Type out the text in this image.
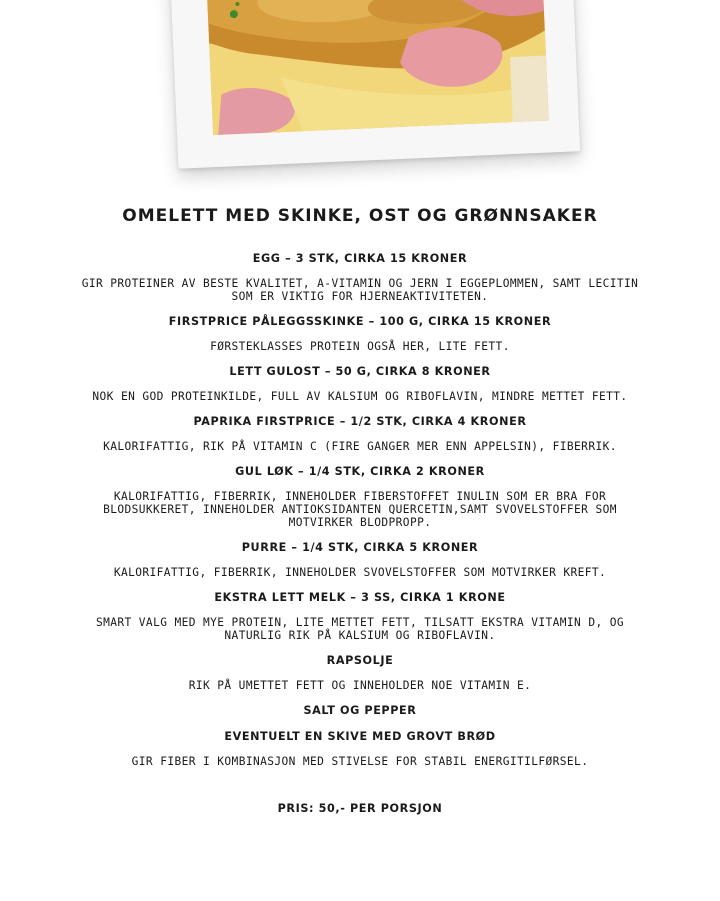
OMELETT MED SKINKE, OST OG GRØNNSAKER

EGG – 3 STK, CIRKA 15 KRONER

GIR PROTEINER AV BESTE KVALITET, A-VITAMIN OG JERN I EGGEPLOMMEN, SAMT LECITIN SOM ER VIKTIG FOR HJERNEAKTIVITETEN.

FIRSTPRICE PÅLEGGSSKINKE – 100 G, CIRKA 15 KRONER

FØRSTEKLASSES PROTEIN OGSÅ HER, LITE FETT.

LETT GULOST – 50 G, CIRKA 8 KRONER

NOK EN GOD PROTEINKILDE, FULL AV KALSIUM OG RIBOFLAVIN, MINDRE METTET FETT.

PAPRIKA FIRSTPRICE – 1/2 STK, CIRKA 4 KRONER

KALORIFATTIG, RIK PÅ VITAMIN C (FIRE GANGER MER ENN APPELSIN), FIBERRIK.

GUL LØK – 1/4 STK, CIRKA 2 KRONER

KALORIFATTIG, FIBERRIK, INNEHOLDER FIBERSTOFFET INULIN SOM ER BRA FOR BLODSUKKERET, INNEHOLDER ANTIOKSIDANTEN QUERCETIN,SAMT SVOVELSTOFFER SOM MOTVIRKER BLODPROPP.

PURRE – 1/4 STK, CIRKA 5 KRONER

KALORIFATTIG, FIBERRIK, INNEHOLDER SVOVELSTOFFER SOM MOTVIRKER KREFT.

EKSTRA LETT MELK – 3 SS, CIRKA 1 KRONE

SMART VALG MED MYE PROTEIN, LITE METTET FETT, TILSATT EKSTRA VITAMIN D, OG NATURLIG RIK PÅ KALSIUM OG RIBOFLAVIN.

RAPSOLJE

RIK PÅ UMETTET FETT OG INNEHOLDER NOE VITAMIN E.

SALT OG PEPPER

EVENTUELT EN SKIVE MED GROVT BRØD

GIR FIBER I KOMBINASJON MED STIVELSE FOR STABIL ENERGITILFØRSEL.

PRIS: 50,- PER PORSJON
